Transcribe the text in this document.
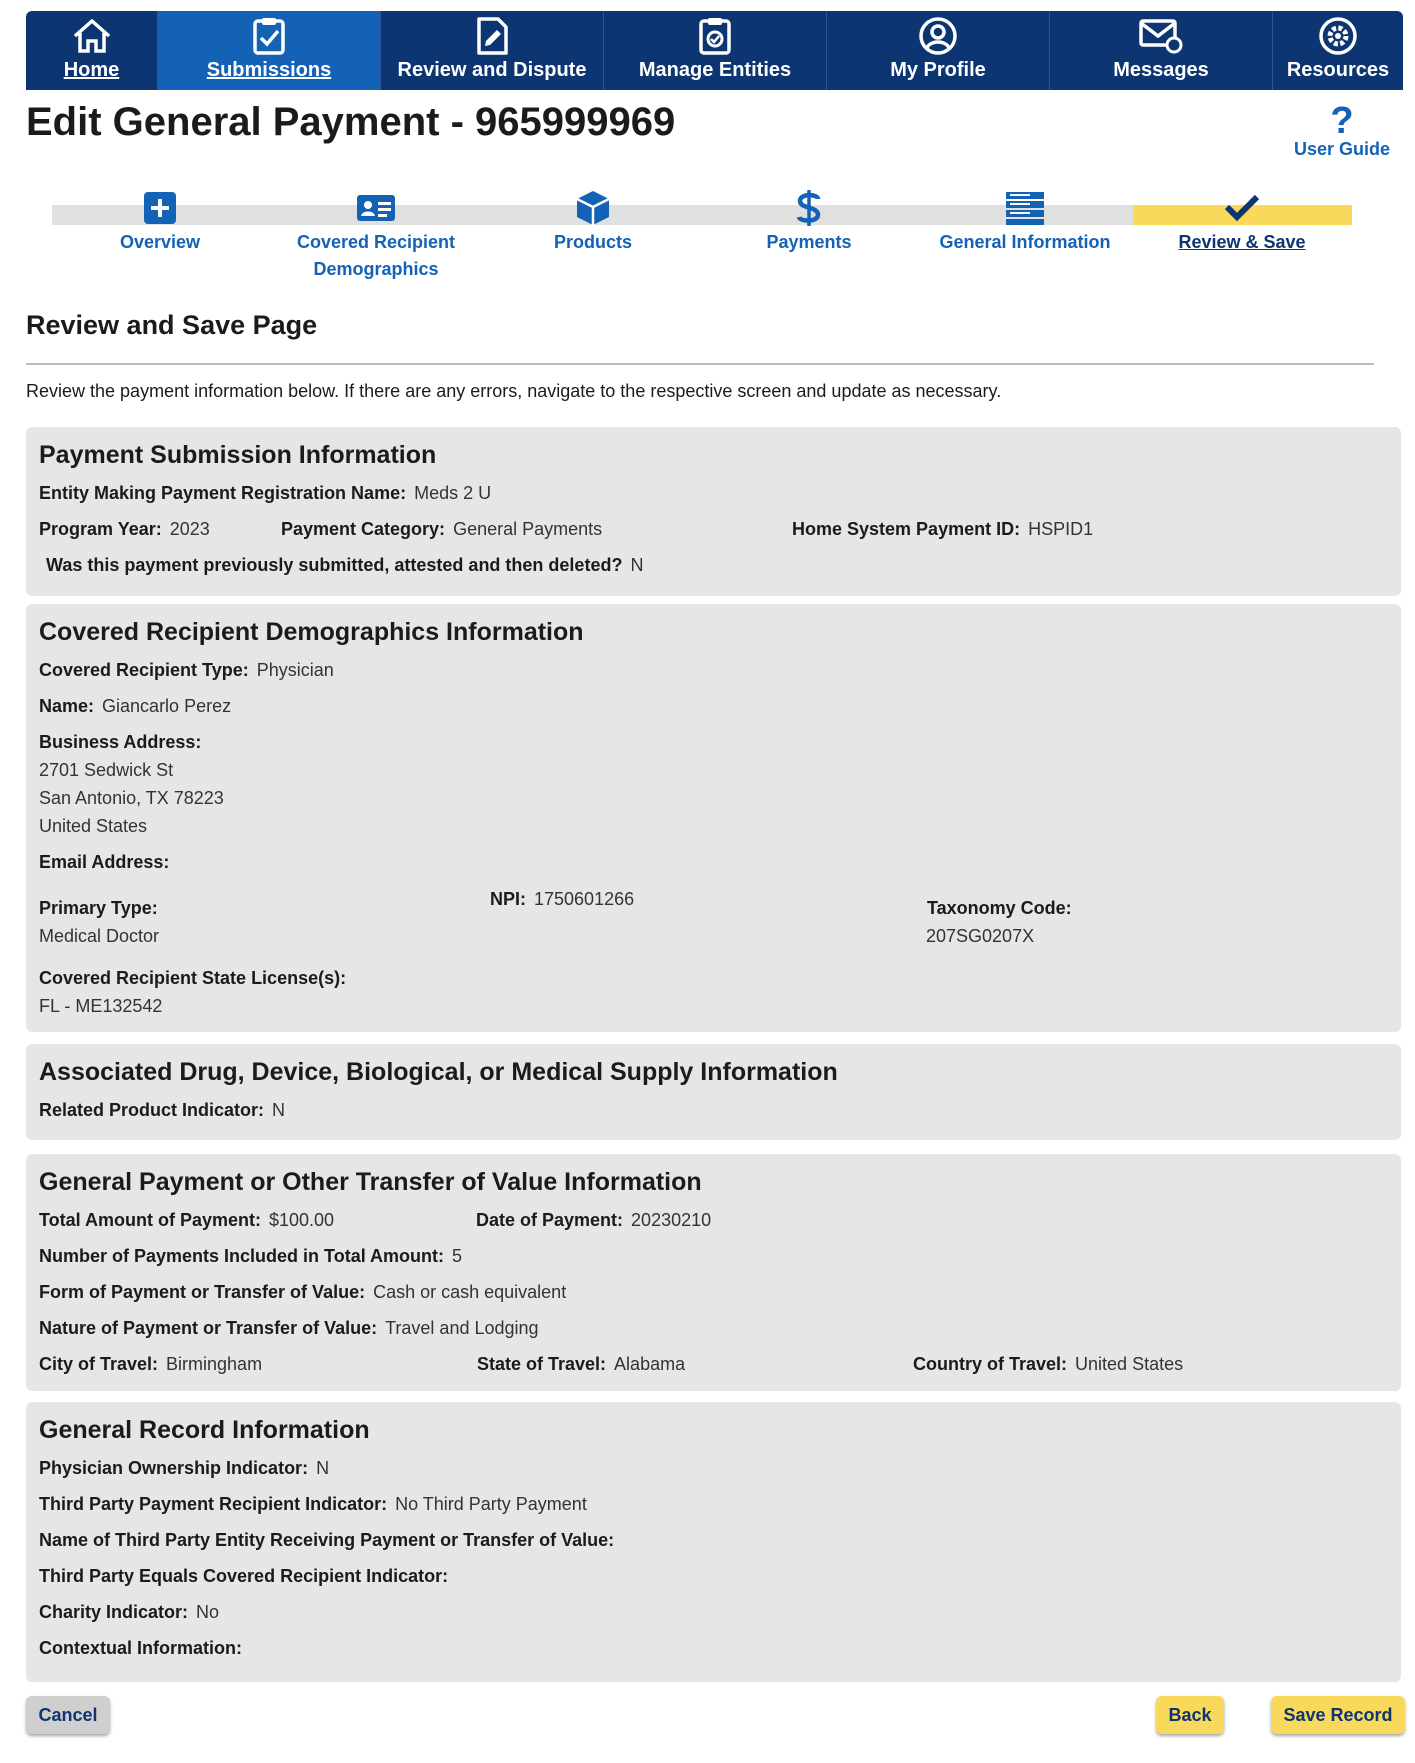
Home	Submissions	Review and Dispute	Manage Entities	My Profile	Messages	Resources
Edit General Payment - 965999969	?
User Guide
Overview	Covered Recipient Demographics
Products	Payments	General Information	Review & Save
Review and Save Page
Review the payment information below. If there are any errors, navigate to the respective screen and update as necessary.
Payment Submission Information
Entity Making Payment Registration Name: Meds 2 U
Program Year: 2023	Payment Category: General Payments	Home System Payment ID: HSPID1
Was this payment previously submitted, attested and then deleted? N
Covered Recipient Demographics Information
Covered Recipient Type: Physician
Name: Giancarlo Perez
Business Address:
2701 Sedwick St
San Antonio, TX 78223
United States
Email Address:
Primary Type:
Medical Doctor
NPI: 1750601266	Taxonomy Code:
207SG0207X
Covered Recipient State License(s):
FL - ME132542
Associated Drug, Device, Biological, or Medical Supply Information
Related Product Indicator: N
General Payment or Other Transfer of Value Information
Total Amount of Payment: $100.00	Date of Payment: 20230210
Number of Payments Included in Total Amount: 5
Form of Payment or Transfer of Value: Cash or cash equivalent
Nature of Payment or Transfer of Value: Travel and Lodging
City of Travel: Birmingham	State of Travel: Alabama	Country of Travel: United States
General Record Information
Physician Ownership Indicator: N
Third Party Payment Recipient Indicator: No Third Party Payment
Name of Third Party Entity Receiving Payment or Transfer of Value:
Third Party Equals Covered Recipient Indicator:
Charity Indicator: No
Contextual Information:
Cancel	Back	Save Record
